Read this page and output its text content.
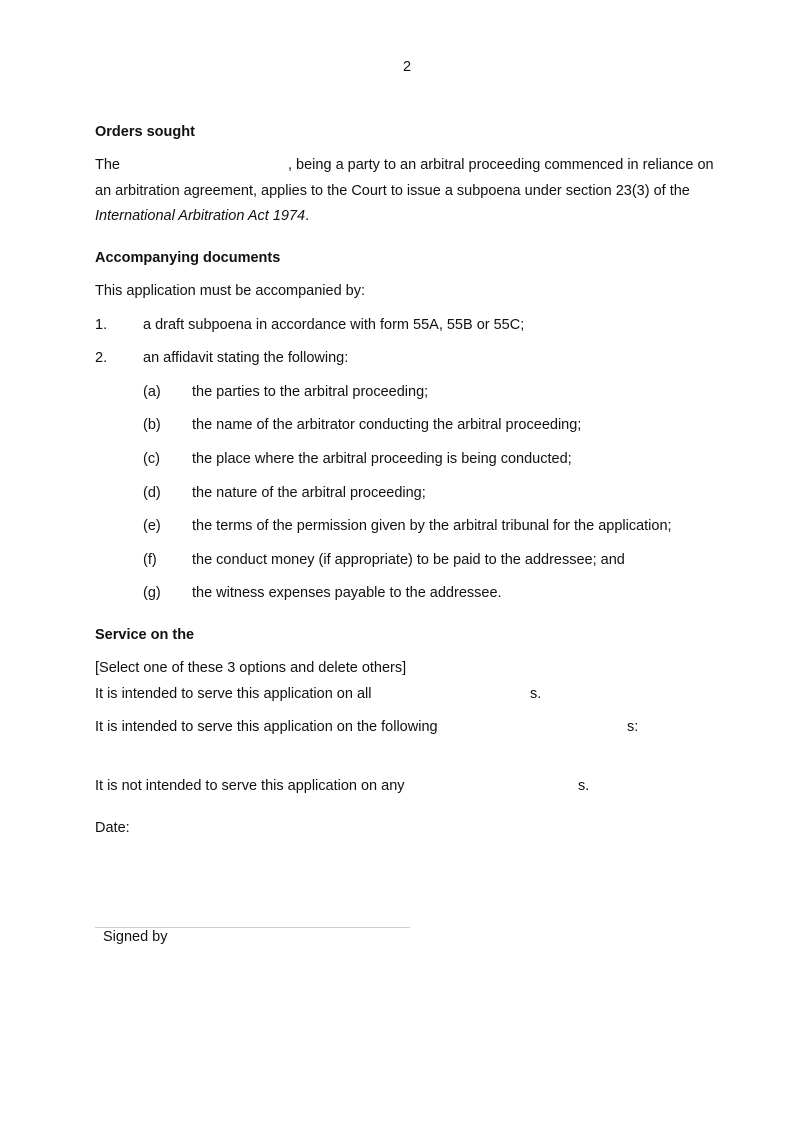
2
Orders sought
The	, being a party to an arbitral proceeding commenced in reliance on
an arbitration agreement, applies to the Court to issue a subpoena under section 23(3) of the
International Arbitration Act 1974.
Accompanying documents
This application must be accompanied by:
1. a draft subpoena in accordance with form 55A, 55B or 55C;
2. an affidavit stating the following:
(a) the parties to the arbitral proceeding;
(b) the name of the arbitrator conducting the arbitral proceeding;
(c) the place where the arbitral proceeding is being conducted;
(d) the nature of the arbitral proceeding;
(e) the terms of the permission given by the arbitral tribunal for the application;
(f) the conduct money (if appropriate) to be paid to the addressee; and
(g) the witness expenses payable to the addressee.
Service on the
[Select one of these 3 options and delete others]
It is intended to serve this application on all	s.
It is intended to serve this application on the following	s:
It is not intended to serve this application on any	s.
Date:
Signed by
